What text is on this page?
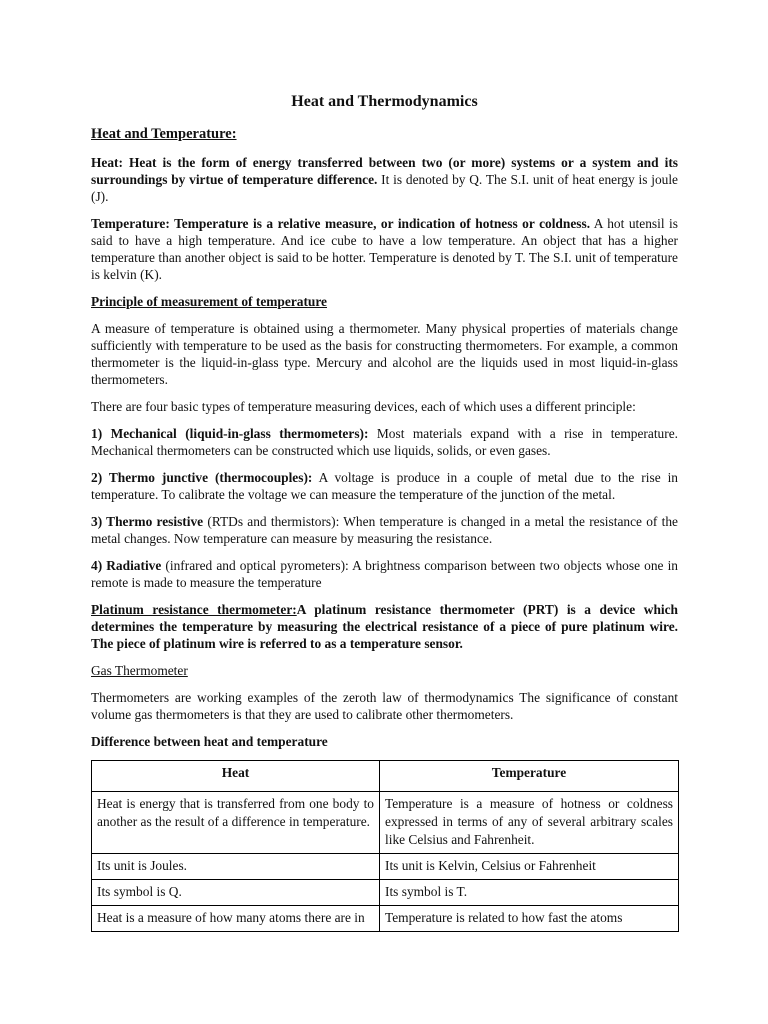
Heat and Thermodynamics
Heat and Temperature:

Heat: Heat is the form of energy transferred between two (or more) systems or a system and its surroundings by virtue of temperature difference. It is denoted by Q. The S.I. unit of heat energy is joule (J).

Temperature: Temperature is a relative measure, or indication of hotness or coldness. A hot utensil is said to have a high temperature. And ice cube to have a low temperature. An object that has a higher temperature than another object is said to be hotter. Temperature is denoted by T. The S.I. unit of temperature is kelvin (K).

Principle of measurement of temperature

A measure of temperature is obtained using a thermometer. Many physical properties of materials change sufficiently with temperature to be used as the basis for constructing thermometers. For example, a common thermometer is the liquid-in-glass type. Mercury and alcohol are the liquids used in most liquid-in-glass thermometers.

There are four basic types of temperature measuring devices, each of which uses a different principle:

1) Mechanical (liquid-in-glass thermometers): Most materials expand with a rise in temperature. Mechanical thermometers can be constructed which use liquids, solids, or even gases.

2) Thermo junctive (thermocouples): A voltage is produce in a couple of metal due to the rise in temperature. To calibrate the voltage we can measure the temperature of the junction of the metal.

3) Thermo resistive (RTDs and thermistors): When temperature is changed in a metal the resistance of the metal changes. Now temperature can measure by measuring the resistance.

4) Radiative (infrared and optical pyrometers): A brightness comparison between two objects whose one in remote is made to measure the temperature

Platinum resistance thermometer:A platinum resistance thermometer (PRT) is a device which determines the temperature by measuring the electrical resistance of a piece of pure platinum wire. The piece of platinum wire is referred to as a temperature sensor.

Gas Thermometer

Thermometers are working examples of the zeroth law of thermodynamics The significance of constant volume gas thermometers is that they are used to calibrate other thermometers.

Difference between heat and temperature
Heat	Temperature
Heat is energy that is transferred from one body to another as the result of a difference in temperature.	Temperature is a measure of hotness or coldness expressed in terms of any of several arbitrary scales like Celsius and Fahrenheit.
Its unit is Joules.	Its unit is Kelvin, Celsius or Fahrenheit
Its symbol is Q.	Its symbol is T.
Heat is a measure of how many atoms there are in	Temperature is related to how fast the atoms
